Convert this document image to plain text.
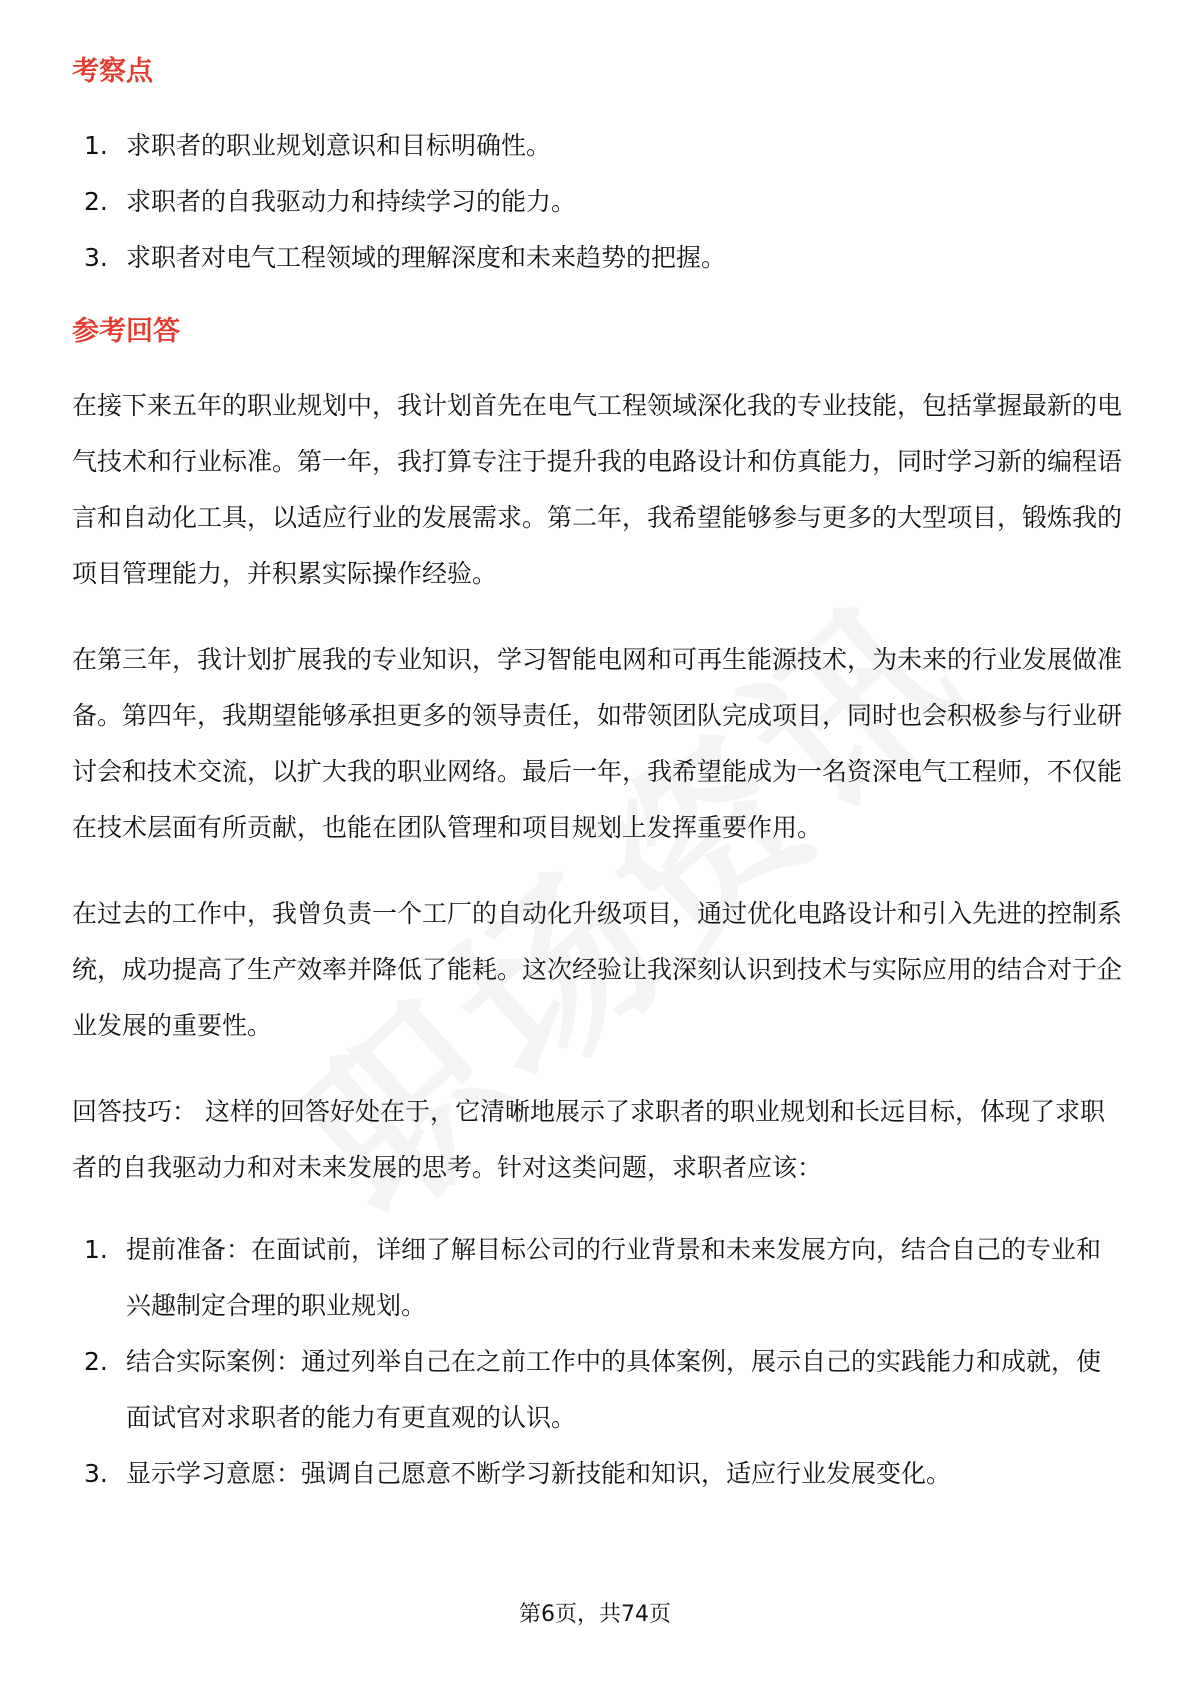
考察点
1. 求职者的职业规划意识和目标明确性。
2. 求职者的自我驱动力和持续学习的能力。
3. 求职者对电气工程领域的理解深度和未来趋势的把握。
参考回答

在接下来五年的职业规划中，我计划首先在电气工程领域深化我的专业技能，包括掌握最新的电气技术和行业标准。第一年，我打算专注于提升我的电路设计和仿真能力，同时学习新的编程语言和自动化工具，以适应行业的发展需求。第二年，我希望能够参与更多的大型项目，锻炼我的项目管理能力，并积累实际操作经验。

在第三年，我计划扩展我的专业知识，学习智能电网和可再生能源技术，为未来的行业发展做准备。第四年，我期望能够承担更多的领导责任，如带领团队完成项目，同时也会积极参与行业研讨会和技术交流，以扩大我的职业网络。最后一年，我希望能成为一名资深电气工程师，不仅能在技术层面有所贡献，也能在团队管理和项目规划上发挥重要作用。

在过去的工作中，我曾负责一个工厂的自动化升级项目，通过优化电路设计和引入先进的控制系统，成功提高了生产效率并降低了能耗。这次经验让我深刻认识到技术与实际应用的结合对于企业发展的重要性。

回答技巧： 这样的回答好处在于，它清晰地展示了求职者的职业规划和长远目标，体现了求职者的自我驱动力和对未来发展的思考。针对这类问题，求职者应该：

1. 提前准备：在面试前，详细了解目标公司的行业背景和未来发展方向，结合自己的专业和兴趣制定合理的职业规划。
2. 结合实际案例：通过列举自己在之前工作中的具体案例，展示自己的实践能力和成就，使面试官对求职者的能力有更直观的认识。
3. 显示学习意愿：强调自己愿意不断学习新技能和知识，适应行业发展变化。
第6页，共74页
